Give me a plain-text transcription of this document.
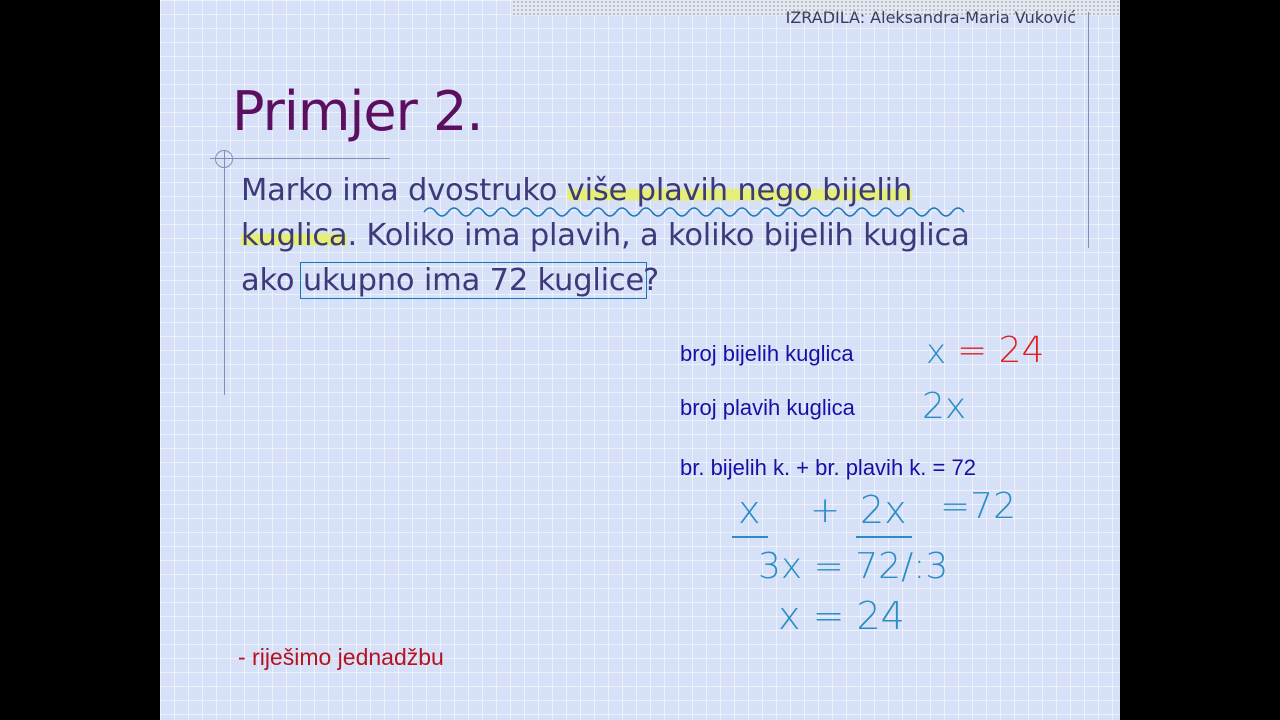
IZRADILA: Aleksandra-Maria Vuković
Primjer 2.
Marko ima dvostruko više plavih nego bijelih
kuglica. Koliko ima plavih, a koliko bijelih kuglica
ako ukupno ima 72 kuglice?
broj bijelih kuglica
broj plavih kuglica
br. bijelih k. + br. plavih k. = 72
x = 24
2x
x + 2x =72
3x = 72/:3
x = 24
- riješimo jednadžbu
